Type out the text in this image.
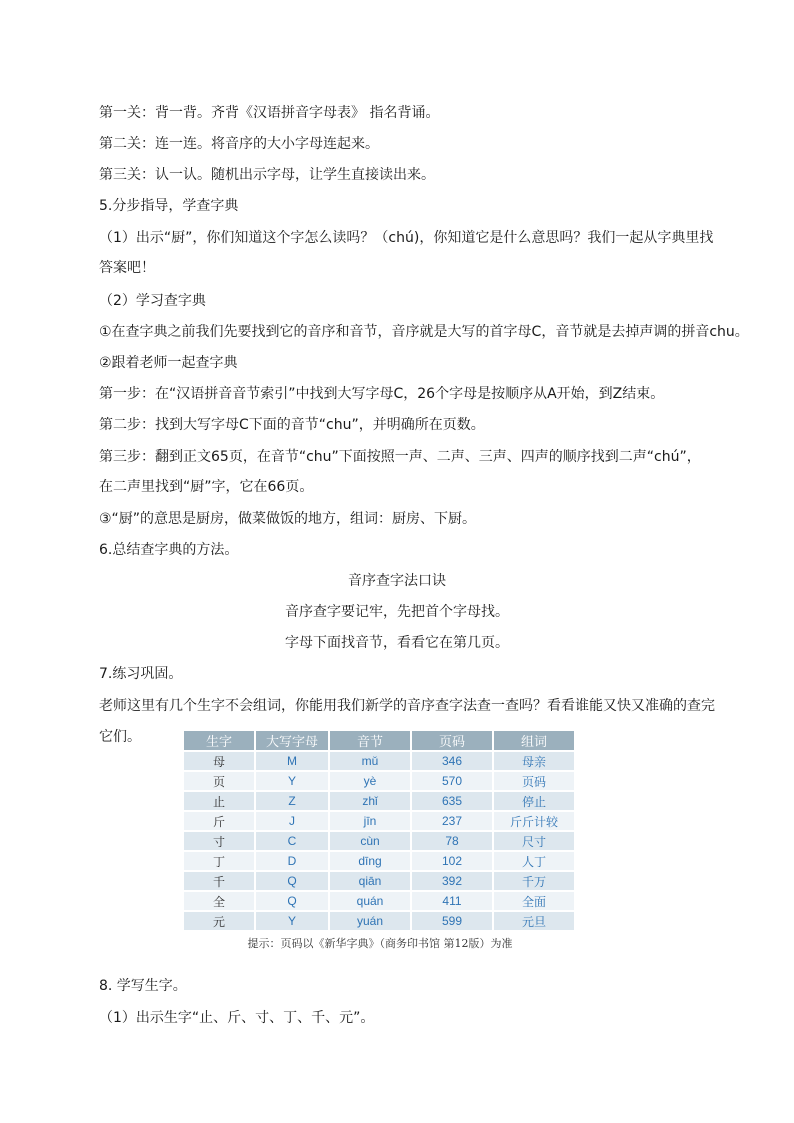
第一关：背一背。齐背《汉语拼音字母表》 指名背诵。
第二关：连一连。将音序的大小字母连起来。
第三关：认一认。随机出示字母，让学生直接读出来。
5.分步指导，学查字典
（1）出示“厨”，你们知道这个字怎么读吗？（chú)，你知道它是什么意思吗？我们一起从字典里找
答案吧！
（2）学习查字典
①在查字典之前我们先要找到它的音序和音节，音序就是大写的首字母C，音节就是去掉声调的拼音chu。
②跟着老师一起查字典
第一步：在“汉语拼音音节索引”中找到大写字母C，26个字母是按顺序从A开始，到Z结束。
第二步：找到大写字母C下面的音节“chu”，并明确所在页数。
第三步：翻到正文65页，在音节“chu”下面按照一声、二声、三声、四声的顺序找到二声“chú”，
在二声里找到“厨”字，它在66页。
③“厨”的意思是厨房，做菜做饭的地方，组词：厨房、下厨。
6.总结查字典的方法。
音序查字法口诀
音序查字要记牢，先把首个字母找。
字母下面找音节，看看它在第几页。
7.练习巩固。
老师这里有几个生字不会组词，你能用我们新学的音序查字法查一查吗？看看谁能又快又准确的查完
它们。	生字	大写字母	音节	页码	组词
母	M	mǔ	346	母亲
页	Y	yè	570	页码
止	Z	zhǐ	635	停止
斤	J	jīn	237	斤斤计较
寸	C	cùn	78	尺寸
丁	D	dīng	102	人丁
千	Q	qiān	392	千万
全	Q	quán	411	全面
元	Y	yuán	599	元旦
提示：页码以《新华字典》（商务印书馆 第12版）为准
8. 学写生字。
（1）出示生字“止、斤、寸、丁、千、元”。
